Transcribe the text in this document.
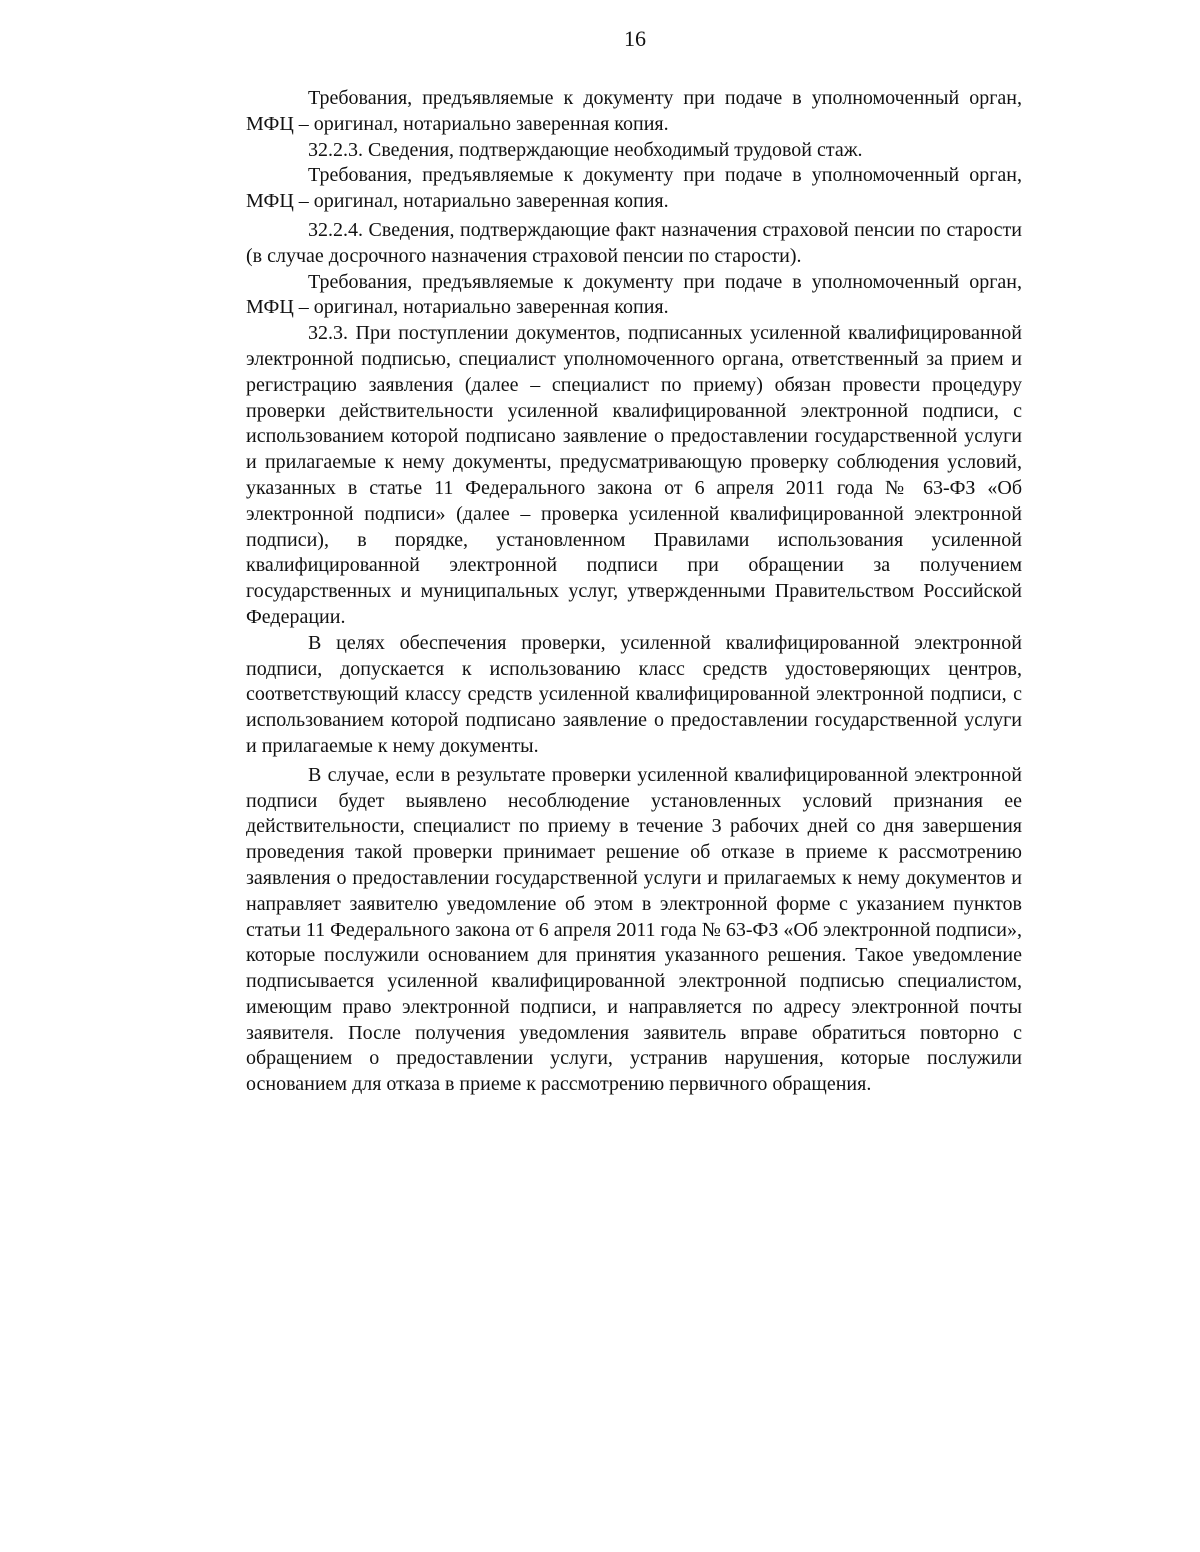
16

Требования, предъявляемые к документу при подаче в уполномоченный орган, МФЦ – оригинал, нотариально заверенная копия.

32.2.3. Сведения, подтверждающие необходимый трудовой стаж.

Требования, предъявляемые к документу при подаче в уполномоченный орган, МФЦ – оригинал, нотариально заверенная копия.

32.2.4. Сведения, подтверждающие факт назначения страховой пенсии по старости (в случае досрочного назначения страховой пенсии по старости).

Требования, предъявляемые к документу при подаче в уполномоченный орган, МФЦ – оригинал, нотариально заверенная копия.

32.3. При поступлении документов, подписанных усиленной квалифицированной электронной подписью, специалист уполномоченного органа, ответственный за прием и регистрацию заявления (далее – специалист по приему) обязан провести процедуру проверки действительности усиленной квалифицированной электронной подписи, с использованием которой подписано заявление о предоставлении государственной услуги и прилагаемые к нему документы, предусматривающую проверку соблюдения условий, указанных в статье 11 Федерального закона от 6 апреля 2011 года № 63-ФЗ «Об электронной подписи» (далее – проверка усиленной квалифицированной электронной подписи), в порядке, установленном Правилами использования усиленной квалифицированной электронной подписи при обращении за получением государственных и муниципальных услуг, утвержденными Правительством Российской Федерации.

В целях обеспечения проверки, усиленной квалифицированной электронной подписи, допускается к использованию класс средств удостоверяющих центров, соответствующий классу средств усиленной квалифицированной электронной подписи, с использованием которой подписано заявление о предоставлении государственной услуги и прилагаемые к нему документы.

В случае, если в результате проверки усиленной квалифицированной электронной подписи будет выявлено несоблюдение установленных условий признания ее действительности, специалист по приему в течение 3 рабочих дней со дня завершения проведения такой проверки принимает решение об отказе в приеме к рассмотрению заявления о предоставлении государственной услуги и прилагаемых к нему документов и направляет заявителю уведомление об этом в электронной форме с указанием пунктов статьи 11 Федерального закона от 6 апреля 2011 года № 63-ФЗ «Об электронной подписи», которые послужили основанием для принятия указанного решения. Такое уведомление подписывается усиленной квалифицированной электронной подписью специалистом, имеющим право электронной подписи, и направляется по адресу электронной почты заявителя. После получения уведомления заявитель вправе обратиться повторно с обращением о предоставлении услуги, устранив нарушения, которые послужили основанием для отказа в приеме к рассмотрению первичного обращения.
